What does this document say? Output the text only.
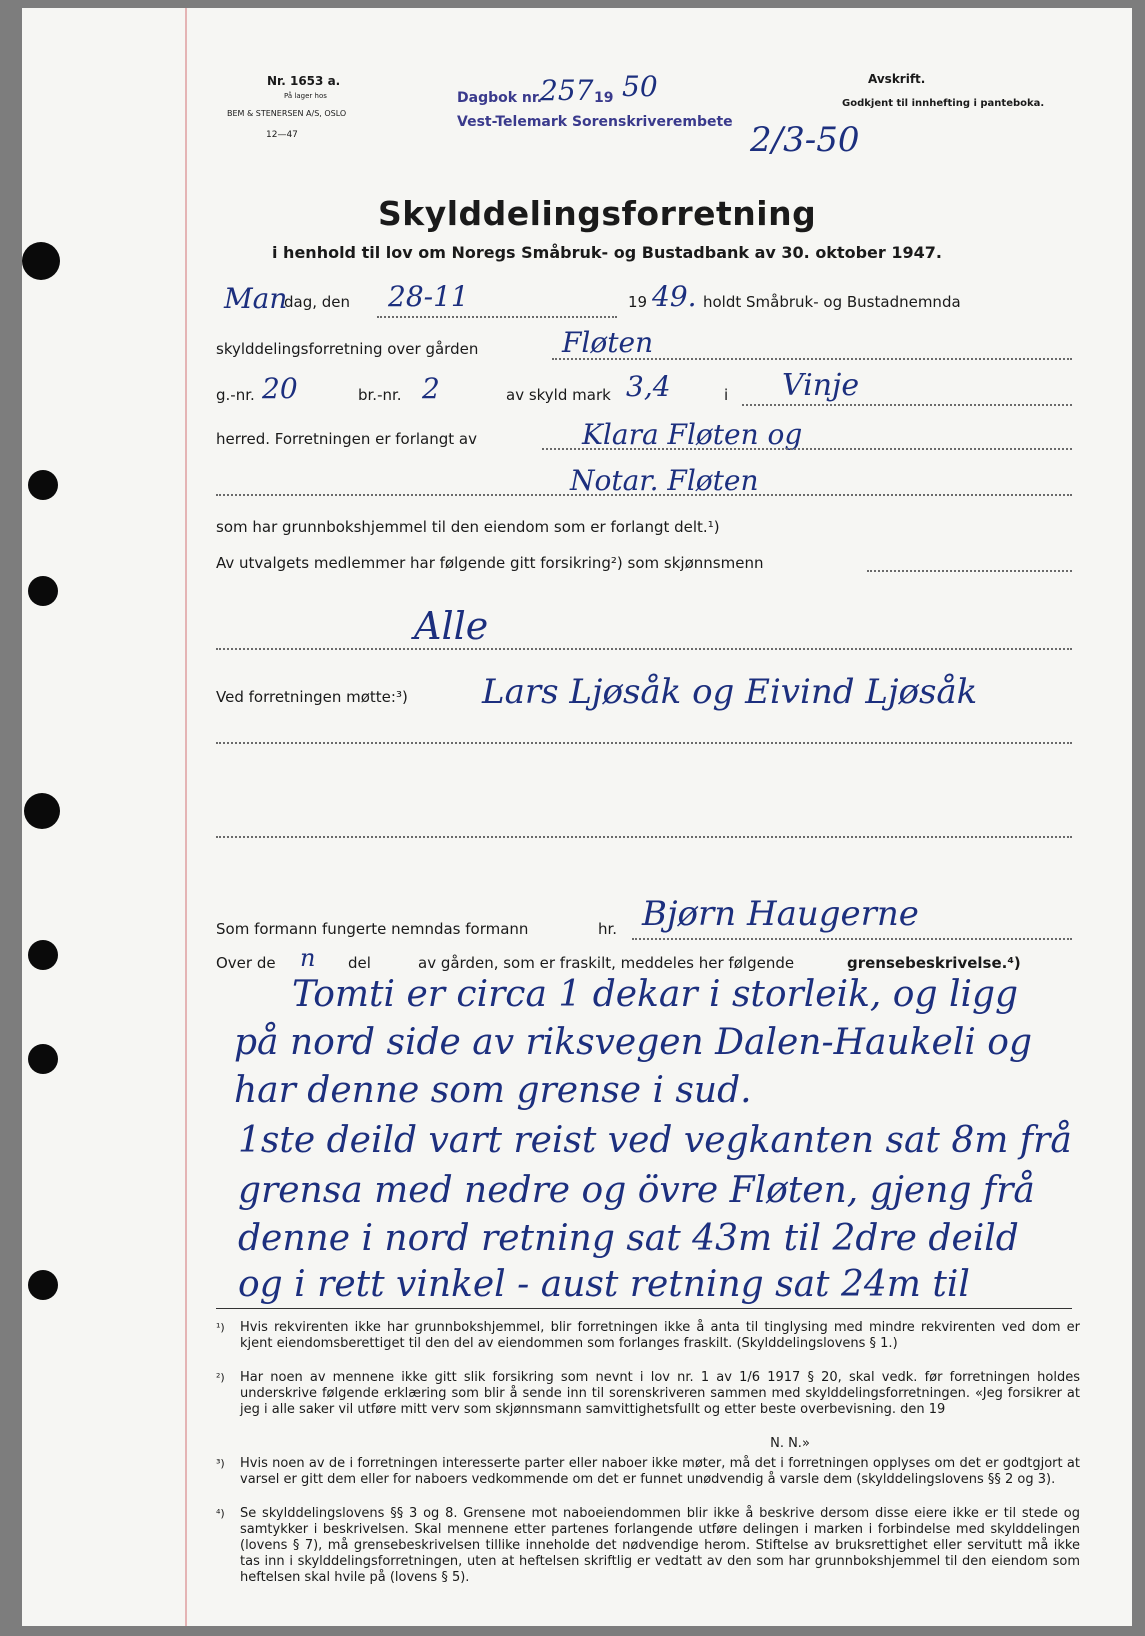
Nr. 1653 a.
På lager hos
BEM & STENERSEN A/S, OSLO
12—47
Dagbok nr.
257 19 50
Vest-Telemark Sorenskriverembete 2/3-50
Avskrift.
Godkjent til innhefting i panteboka.
Skylddelingsforretning
i henhold til lov om Noregs Småbruk- og Bustadbank av 30. oktober 1947.
Man
dag, den 28-11	19 49. holdt Småbruk- og Bustadnemnda
skylddelingsforretning over gården	Fløten
g.-nr. 20	br.-nr. 2	av skyld mark 3,4	i Vinje
herred. Forretningen er forlangt av	Klara Fløten og
Notar. Fløten
som har grunnbokshjemmel til den eiendom som er forlangt delt.¹)
Av utvalgets medlemmer har følgende gitt forsikring²) som skjønnsmenn
Alle
Ved forretningen møtte:³) Lars Ljøsåk og Eivind Ljøsåk
Som formann fungerte nemndas formann	hr. Bjørn Haugerne
Over de n del	av gården, som er fraskilt, meddeles her følgende	grensebeskrivelse.⁴)
Tomti er circa 1 dekar i storleik, og ligg
på nord side av riksvegen Dalen-Haukeli og
har denne som grense i sud.
1ste deild vart reist ved vegkanten sat 8m frå
grensa med nedre og övre Fløten, gjeng frå
denne i nord retning sat 43m til 2dre deild
og i rett vinkel - aust retning sat 24m til
¹) Hvis rekvirenten ikke har grunnbokshjemmel, blir forretningen ikke å anta til tinglysing med mindre rekvirenten ved dom er kjent eiendomsberettiget til den del av eiendommen som forlanges fraskilt. (Skylddelingslovens § 1.)

²) Har noen av mennene ikke gitt slik forsikring som nevnt i lov nr. 1 av 1/6 1917 § 20, skal vedk. før forretningen holdes underskrive følgende erklæring som blir å sende inn til sorenskriveren sammen med skylddelingsforretningen. «Jeg forsikrer at jeg i alle saker vil utføre mitt verv som skjønnsmann samvittighetsfullt og etter beste overbevisning. den 19

N. N.»

³) Hvis noen av de i forretningen interesserte parter eller naboer ikke møter, må det i forretningen opplyses om det er godtgjort at varsel er gitt dem eller for naboers vedkommende om det er funnet unødvendig å varsle dem (skylddelingslovens §§ 2 og 3).

⁴) Se skylddelingslovens §§ 3 og 8. Grensene mot naboeiendommen blir ikke å beskrive dersom disse eiere ikke er til stede og samtykker i beskrivelsen. Skal mennene etter partenes forlangende utføre delingen i marken i forbindelse med skylddelingen (lovens § 7), må grensebeskrivelsen tillike inneholde det nødvendige herom. Stiftelse av bruksrettighet eller servitutt må ikke tas inn i skylddelingsforretningen, uten at heftelsen skriftlig er vedtatt av den som har grunnbokshjemmel til den eiendom som heftelsen skal hvile på (lovens § 5).
